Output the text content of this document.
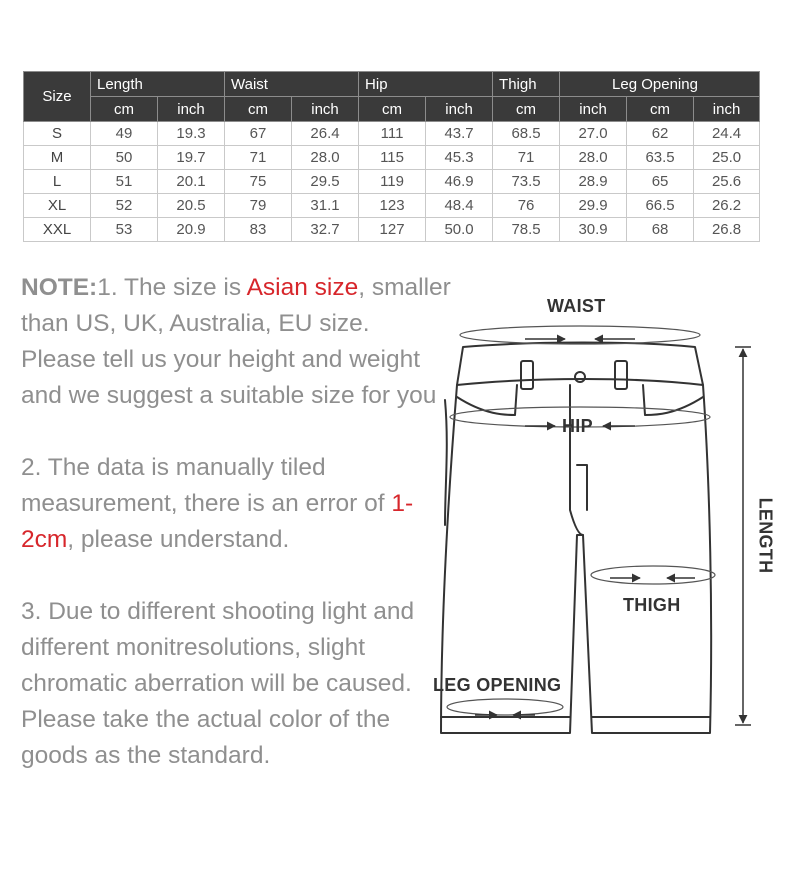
Size	Length		Waist		Hip		Thigh	Leg Opening		
	cm	inch	cm	inch	cm	inch	cm	inch	cm	inch
S	49	19.3	67	26.4	111	43.7	68.5	27.0	62	24.4
M	50	19.7	71	28.0	115	45.3	71	28.0	63.5	25.0
L	51	20.1	75	29.5	119	46.9	73.5	28.9	65	25.6
XL	52	20.5	79	31.1	123	48.4	76	29.9	66.5	26.2
XXL	53	20.9	83	32.7	127	50.0	78.5	30.9	68	26.8

NOTE:1. The size is Asian size, smaller than US, UK, Australia, EU size. Please tell us your height and weight and we suggest a suitable size for you

2. The data is manually tiled measurement, there is an error of 1-2cm, please understand.

3. Due to different shooting light and different monitresolutions, slight chromatic aberration will be caused. Please take the actual color of the goods as the standard.

WAIST
HIP
THIGH
LEG OPENING
LENGTH
